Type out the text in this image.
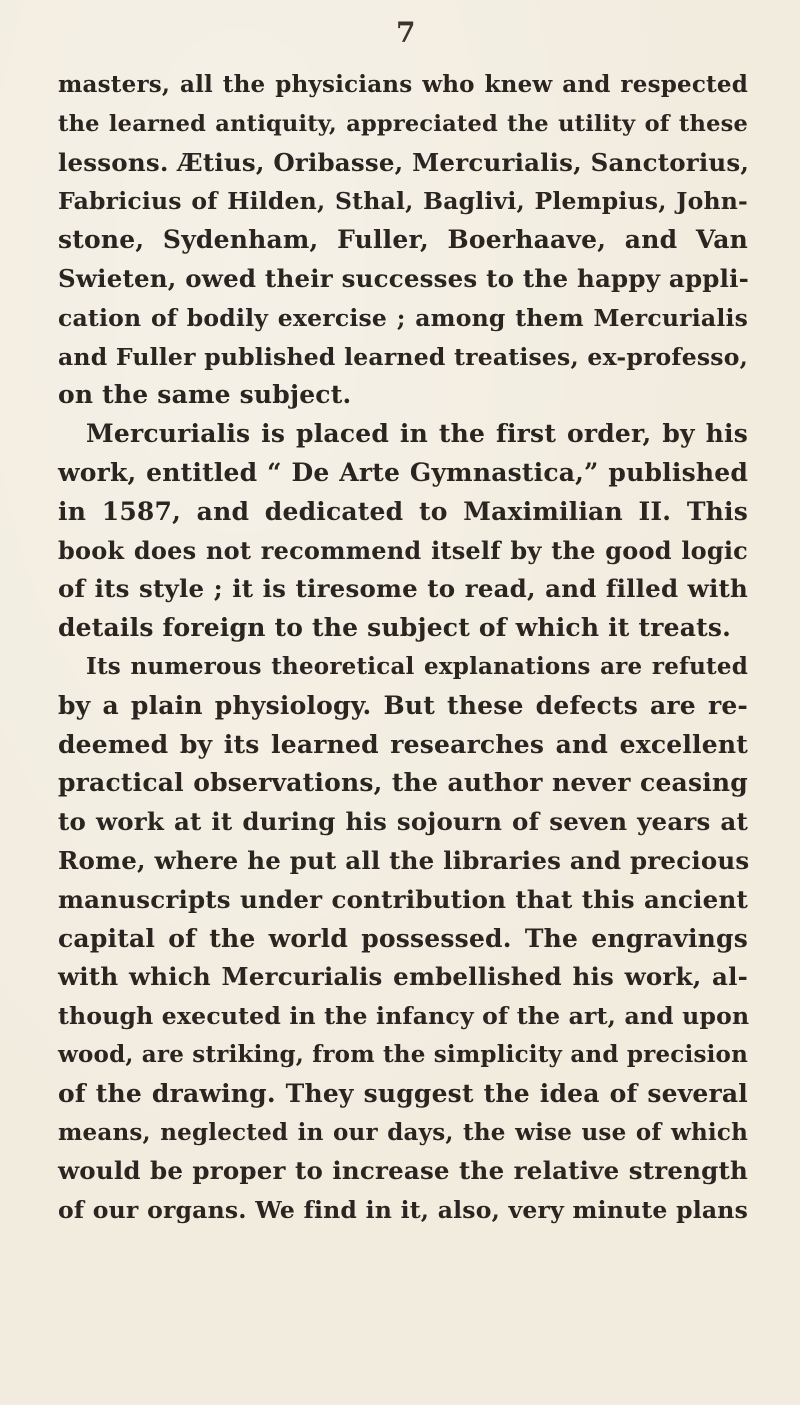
7
masters, all the physicians who knew and respected
the learned antiquity, appreciated the utility of these
lessons. Ætius, Oribasse, Mercurialis, Sanctorius,
Fabricius of Hilden, Sthal, Baglivi, Plempius, John-
stone, Sydenham, Fuller, Boerhaave, and Van
Swieten, owed their successes to the happy appli-
cation of bodily exercise ; among them Mercurialis
and Fuller published learned treatises, ex-professo,
on the same subject.
Mercurialis is placed in the first order, by his
work, entitled “ De Arte Gymnastica,” published
in 1587, and dedicated to Maximilian II. This
book does not recommend itself by the good logic
of its style ; it is tiresome to read, and filled with
details foreign to the subject of which it treats.
Its numerous theoretical explanations are refuted
by a plain physiology. But these defects are re-
deemed by its learned researches and excellent
practical observations, the author never ceasing
to work at it during his sojourn of seven years at
Rome, where he put all the libraries and precious
manuscripts under contribution that this ancient
capital of the world possessed. The engravings
with which Mercurialis embellished his work, al-
though executed in the infancy of the art, and upon
wood, are striking, from the simplicity and precision
of the drawing. They suggest the idea of several
means, neglected in our days, the wise use of which
would be proper to increase the relative strength
of our organs. We find in it, also, very minute plans
